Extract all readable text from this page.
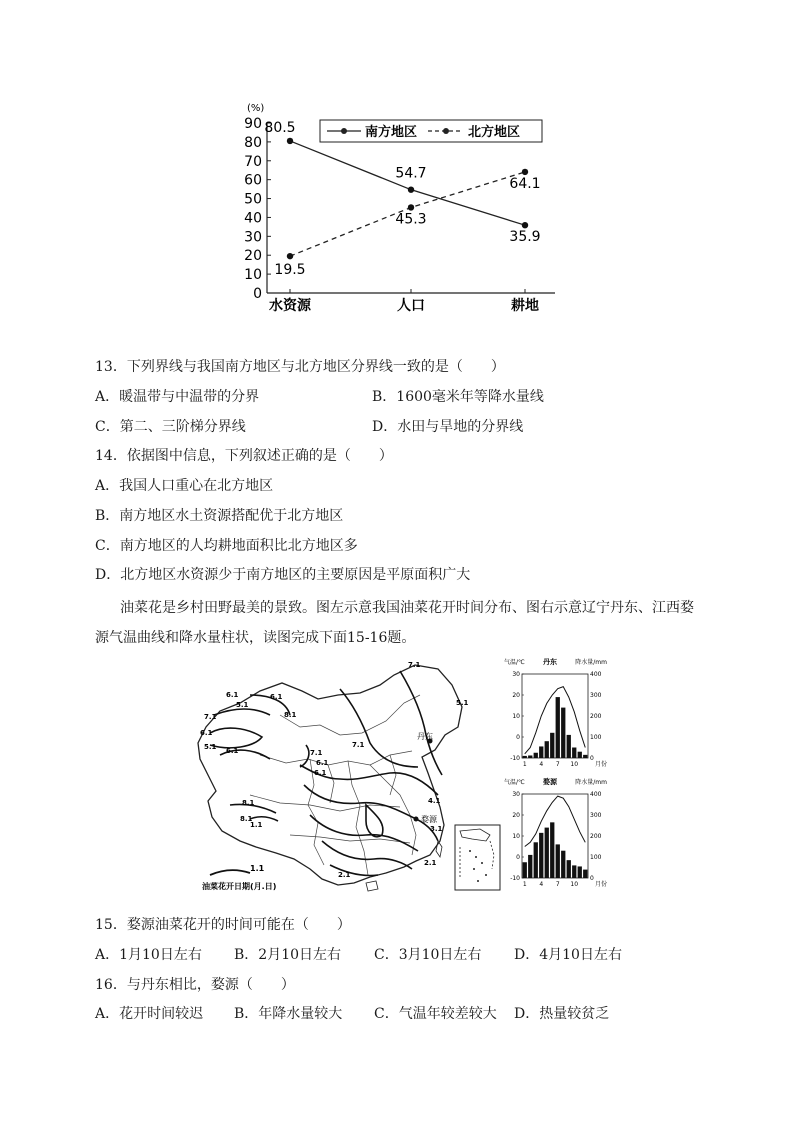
(%)
0
10
20
30
40
50
60
70
80
90
水资源	人口	耕地
南方地区	北方地区
80.5
54.7
35.9
19.5
45.3
64.1
13．下列界线与我国南方地区与北方地区分界线一致的是（　　）
A．暖温带与中温带的分界	B．1600毫米年等降水量线
C．第二、三阶梯分界线	D．水田与旱地的分界线
14．依据图中信息，下列叙述正确的是（　　）
A．我国人口重心在北方地区
B．南方地区水土资源搭配优于北方地区
C．南方地区的人均耕地面积比北方地区多
D．北方地区水资源少于南方地区的主要原因是平原面积广大
油菜花是乡村田野最美的景致。图左示意我国油菜花开时间分布、图右示意辽宁丹东、江西婺
源气温曲线和降水量柱状，读图完成下面15-16题。
丹东
婺源
7.1
6.1
5.1
6.1
8.1
7.1
6.1
5.1 6.1	7.1
6.1
6.1
7.1
8.1	4.1
3.1
2.1
2.1
1.1
5.1
8.1
1.1
油菜花开日期(月.日)
气温/℃	丹东	降水量/mm
30
20
10
0
-10
400
300
200
100
0
1 4 7 10	月份
气温/℃	婺源	降水量/mm
30
20
10
0
-10
400
300
200
100
0
1 4 7 10	月份
15．婺源油菜花开的时间可能在（　　）
A．1月10日左右 B．2月10日左右 C．3月10日左右 D．4月10日左右
16．与丹东相比，婺源（　　）
A．花开时间较迟 B．年降水量较大 C．气温年较差较大 D．热量较贫乏
